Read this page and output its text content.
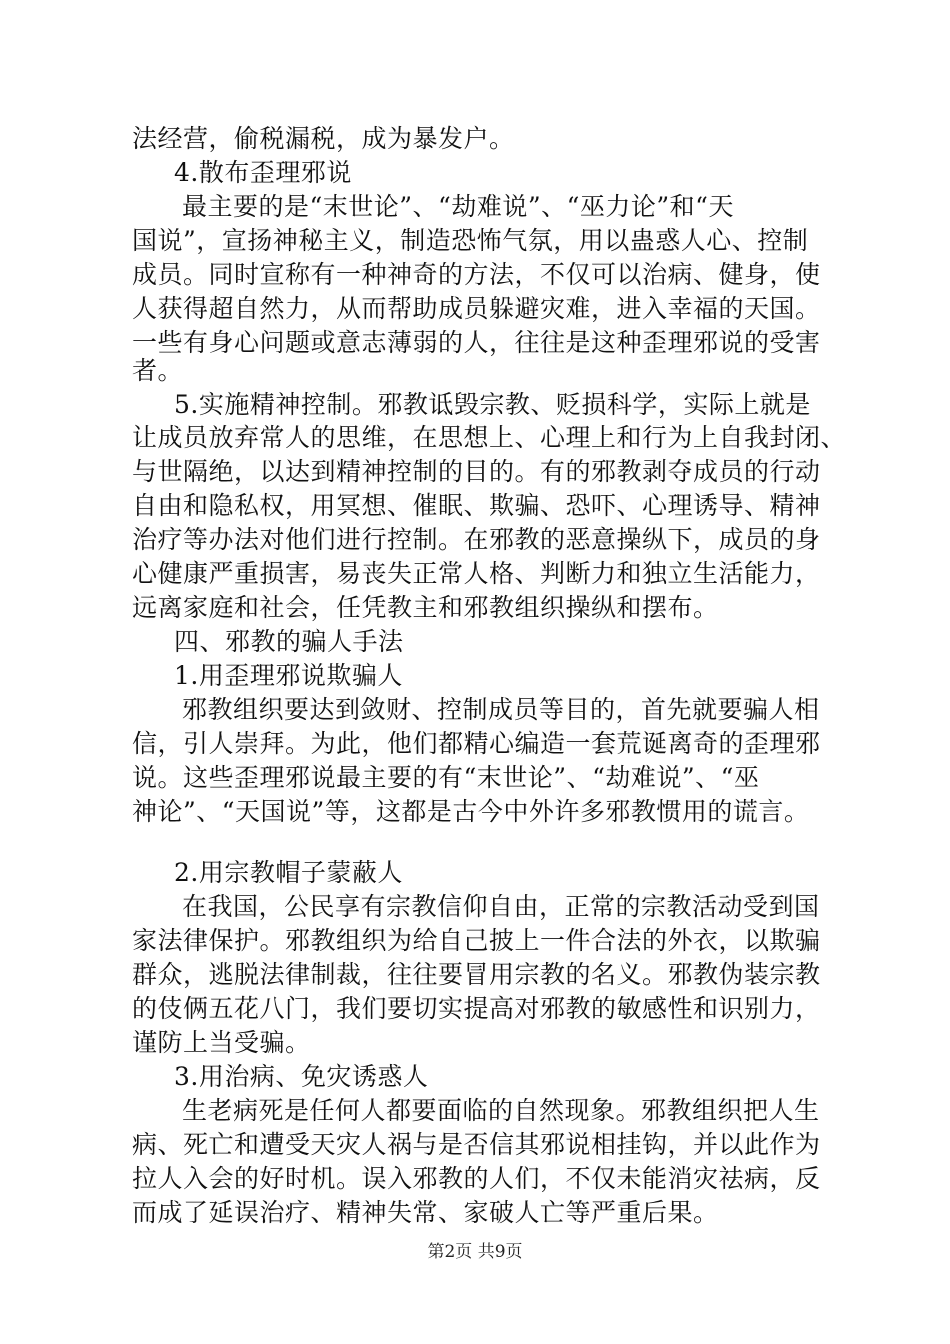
法经营，偷税漏税，成为暴发户。
4.散布歪理邪说
最主要的是“末世论”、“劫难说”、“巫力论”和“天
国说”，宣扬神秘主义，制造恐怖气氛，用以蛊惑人心、控制
成员。同时宣称有一种神奇的方法，不仅可以治病、健身，使
人获得超自然力，从而帮助成员躲避灾难，进入幸福的天国。
一些有身心问题或意志薄弱的人，往往是这种歪理邪说的受害
者。
5.实施精神控制。邪教诋毁宗教、贬损科学，实际上就是
让成员放弃常人的思维，在思想上、心理上和行为上自我封闭、
与世隔绝，以达到精神控制的目的。有的邪教剥夺成员的行动
自由和隐私权，用冥想、催眠、欺骗、恐吓、心理诱导、精神
治疗等办法对他们进行控制。在邪教的恶意操纵下，成员的身
心健康严重损害，易丧失正常人格、判断力和独立生活能力，
远离家庭和社会，任凭教主和邪教组织操纵和摆布。
四、邪教的骗人手法
1.用歪理邪说欺骗人
邪教组织要达到敛财、控制成员等目的，首先就要骗人相
信，引人崇拜。为此，他们都精心编造一套荒诞离奇的歪理邪
说。这些歪理邪说最主要的有“末世论”、“劫难说”、“巫
神论”、“天国说”等，这都是古今中外许多邪教惯用的谎言。
2.用宗教帽子蒙蔽人
在我国，公民享有宗教信仰自由，正常的宗教活动受到国
家法律保护。邪教组织为给自己披上一件合法的外衣，以欺骗
群众，逃脱法律制裁，往往要冒用宗教的名义。邪教伪装宗教
的伎俩五花八门，我们要切实提高对邪教的敏感性和识别力，
谨防上当受骗。
3.用治病、免灾诱惑人
生老病死是任何人都要面临的自然现象。邪教组织把人生
病、死亡和遭受天灾人祸与是否信其邪说相挂钩，并以此作为
拉人入会的好时机。误入邪教的人们，不仅未能消灾祛病，反
而成了延误治疗、精神失常、家破人亡等严重后果。
第2页 共9页
